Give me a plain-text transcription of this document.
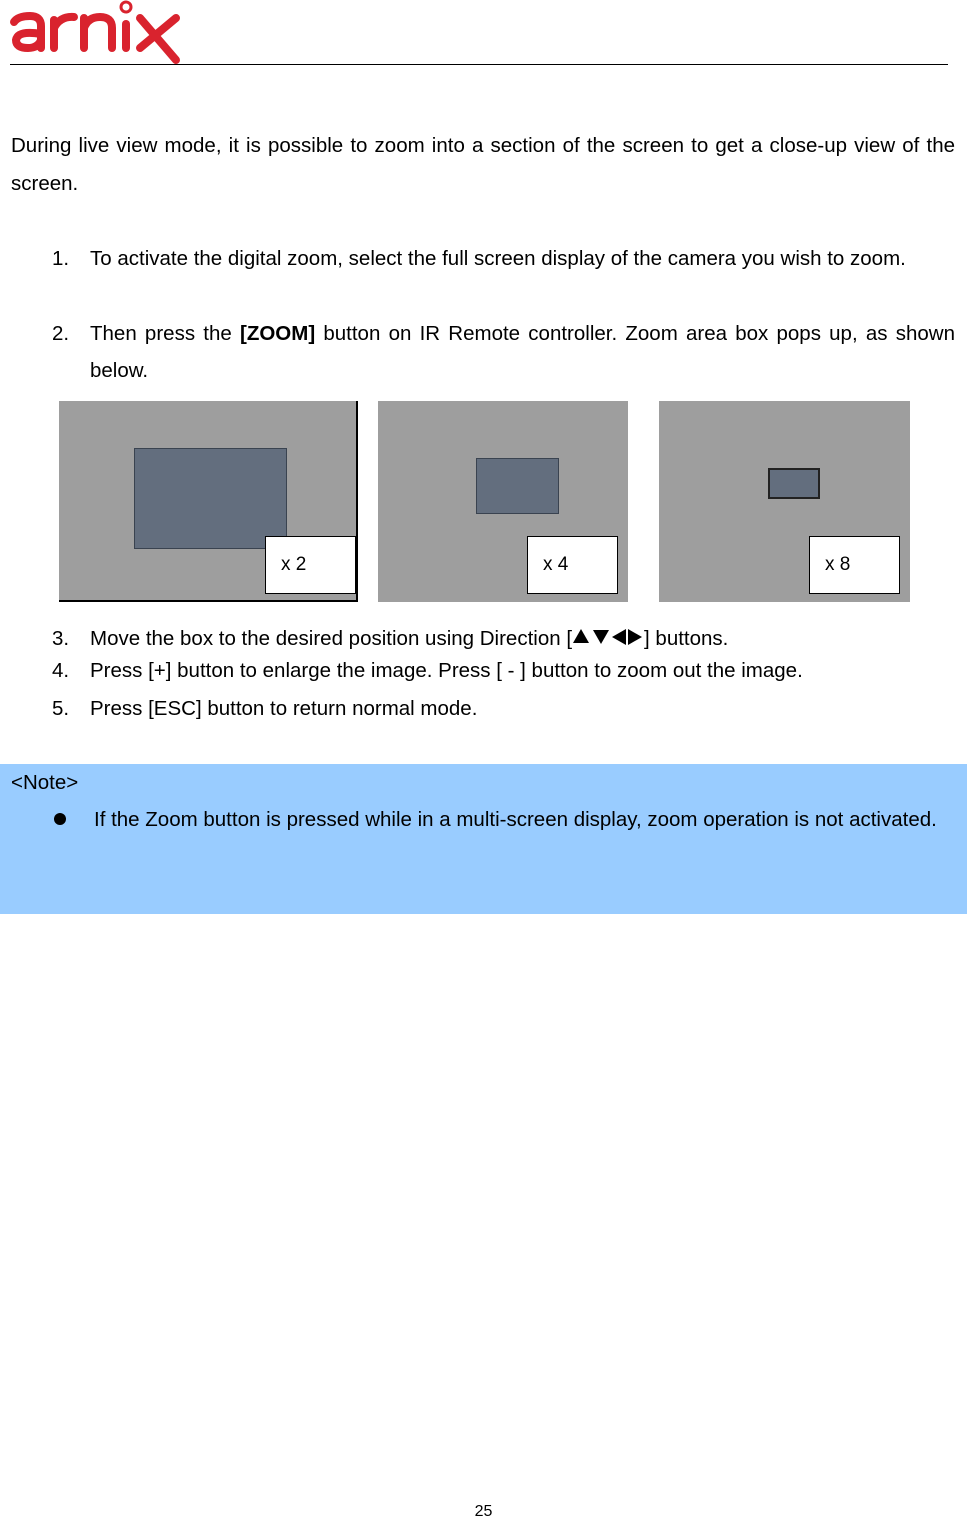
During live view mode, it is possible to zoom into a section of the screen to get a close-up view of the screen.

1.	To activate the digital zoom, select the full screen display of the camera you wish to zoom.
2.	Then press the [ZOOM] button on IR Remote controller. Zoom area box pops up, as shown below.
x 2	x 4	x 8
3.	Move the box to the desired position using Direction [	] buttons.
4.	Press [+] button to enlarge the image. Press [ - ] button to zoom out the image.
5.	Press [ESC] button to return normal mode.
<Note>
If the Zoom button is pressed while in a multi-screen display, zoom operation is not activated.
25
